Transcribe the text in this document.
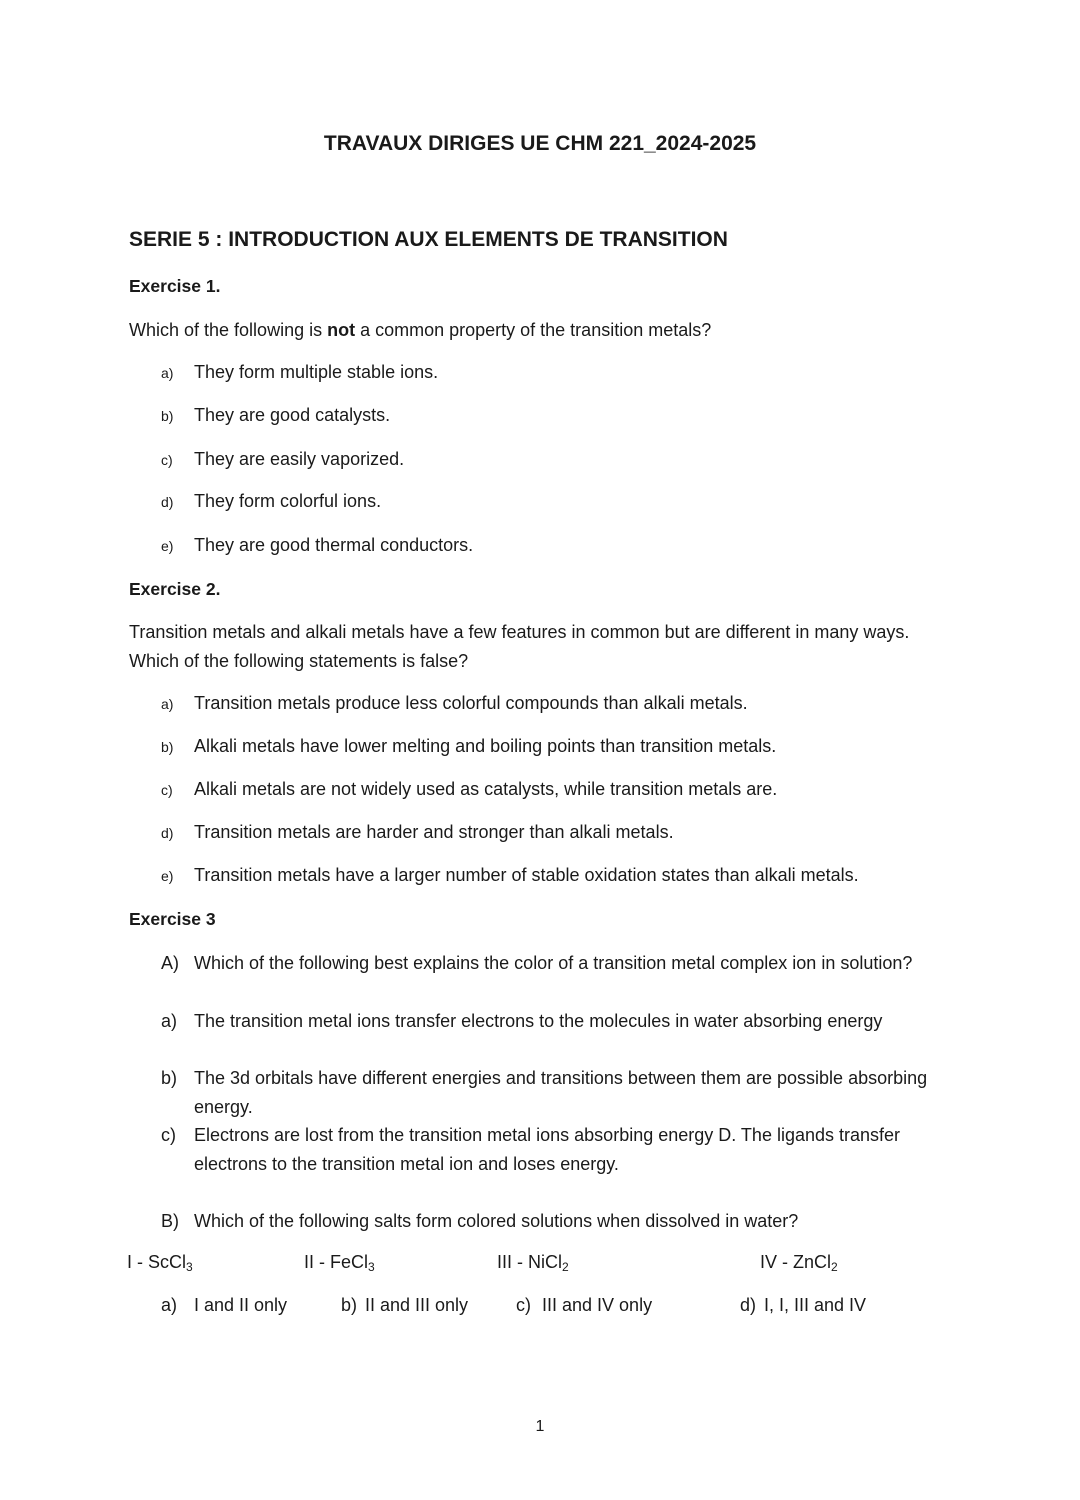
TRAVAUX DIRIGES UE CHM 221_2024-2025
SERIE 5 : INTRODUCTION AUX ELEMENTS DE TRANSITION
Exercise 1.
Which of the following is not a common property of the transition metals?
a) They form multiple stable ions.
b) They are good catalysts.
c) They are easily vaporized.
d) They form colorful ions.
e) They are good thermal conductors.
Exercise 2.
Transition metals and alkali metals have a few features in common but are different in many ways. Which of the following statements is false?
a) Transition metals produce less colorful compounds than alkali metals.
b) Alkali metals have lower melting and boiling points than transition metals.
c) Alkali metals are not widely used as catalysts, while transition metals are.
d) Transition metals are harder and stronger than alkali metals.
e) Transition metals have a larger number of stable oxidation states than alkali metals.
Exercise 3
A) Which of the following best explains the color of a transition metal complex ion in solution?
a) The transition metal ions transfer electrons to the molecules in water absorbing energy
b) The 3d orbitals have different energies and transitions between them are possible absorbing energy.
c)	Electrons are lost from the transition metal ions absorbing energy D. The ligands transfer electrons to the transition metal ion and loses energy.
B) Which of the following salts form colored solutions when dissolved in water?
I - ScCl$_3$	II - FeCl$_3$	III - NiCl$_2$	IV - ZnCl$_2$
a) I and II only	b) II and III only	c) III and IV only	d) I, I, III and IV
1
